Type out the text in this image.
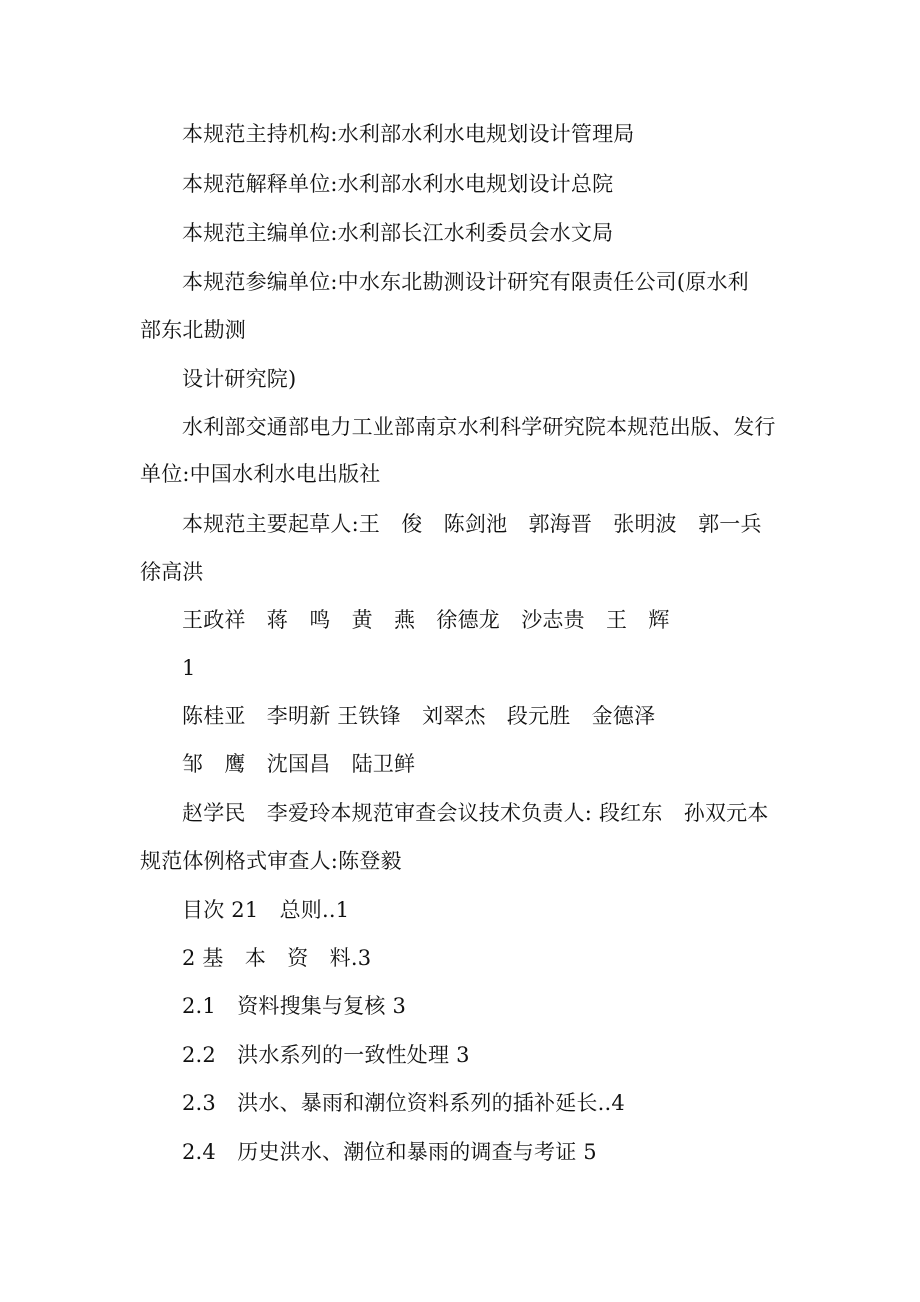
本规范主持机构:水利部水利水电规划设计管理局
本规范解释单位:水利部水利水电规划设计总院
本规范主编单位:水利部长江水利委员会水文局
本规范参编单位:中水东北勘测设计研究有限责任公司(原水利
部东北勘测
设计研究院)
水利部交通部电力工业部南京水利科学研究院本规范出版、发行
单位:中国水利水电出版社
本规范主要起草人:王　俊　陈剑池　郭海晋　张明波　郭一兵
徐高洪
王政祥　蒋　鸣　黄　燕　徐德龙　沙志贵　王　辉
1
陈桂亚　李明新 王铁锋　刘翠杰　段元胜　金德泽
邹　鹰　沈国昌　陆卫鲜
赵学民　李爱玲本规范审查会议技术负责人: 段红东　孙双元本
规范体例格式审查人:陈登毅
目次 21　总则..1
2 基　本　资　料.3
2.1　资料搜集与复核 3
2.2　洪水系列的一致性处理 3
2.3　洪水、暴雨和潮位资料系列的插补延长..4
2.4　历史洪水、潮位和暴雨的调查与考证 5
